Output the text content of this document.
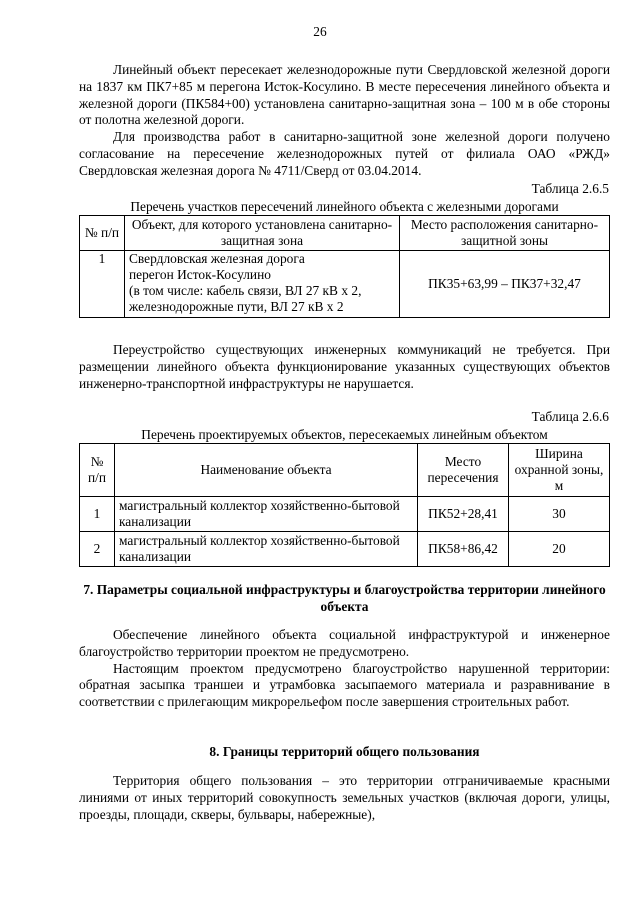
26

Линейный объект пересекает железнодорожные пути Свердловской железной дороги на 1837 км ПК7+85 м перегона Исток-Косулино. В месте пересечения линейного объекта и железной дороги (ПК584+00) установлена санитарно-защитная зона – 100 м в обе стороны от полотна железной дороги.

Для производства работ в санитарно-защитной зоне железной дороги получено согласование на пересечение железнодорожных путей от филиала ОАО «РЖД» Свердловская железная дорога № 4711/Сверд от 03.04.2014.

Таблица 2.6.5
Перечень участков пересечений линейного объекта с железными дорогами
№ п/п	Объект, для которого установлена санитарно-защитная зона	Место расположения санитарно-защитной зоны
1	Свердловская железная дорога
перегон Исток-Косулино
(в том числе: кабель связи, ВЛ 27 кВ х 2,
железнодорожные пути, ВЛ 27 кВ х 2	ПК35+63,99 – ПК37+32,47

Переустройство существующих инженерных коммуникаций не требуется. При размещении линейного объекта функционирование указанных существующих объектов инженерно-транспортной инфраструктуры не нарушается.

Таблица 2.6.6
Перечень проектируемых объектов, пересекаемых линейным объектом
№ п/п	Наименование объекта	Место пересечения	Ширина охранной зоны, м
1	магистральный коллектор хозяйственно-бытовой канализации	ПК52+28,41	30
2	магистральный коллектор хозяйственно-бытовой канализации	ПК58+86,42	20
7. Параметры социальной инфраструктуры и благоустройства территории линейного объекта

Обеспечение линейного объекта социальной инфраструктурой и инженерное благоустройство территории проектом не предусмотрено.

Настоящим проектом предусмотрено благоустройство нарушенной территории: обратная засыпка траншеи и утрамбовка засыпаемого материала и разравнивание в соответствии с прилегающим микрорельефом после завершения строительных работ.

8. Границы территорий общего пользования

Территория общего пользования – это территории отграничиваемые красными линиями от иных территорий совокупность земельных участков (включая дороги, улицы, проезды, площади, скверы, бульвары, набережные),
